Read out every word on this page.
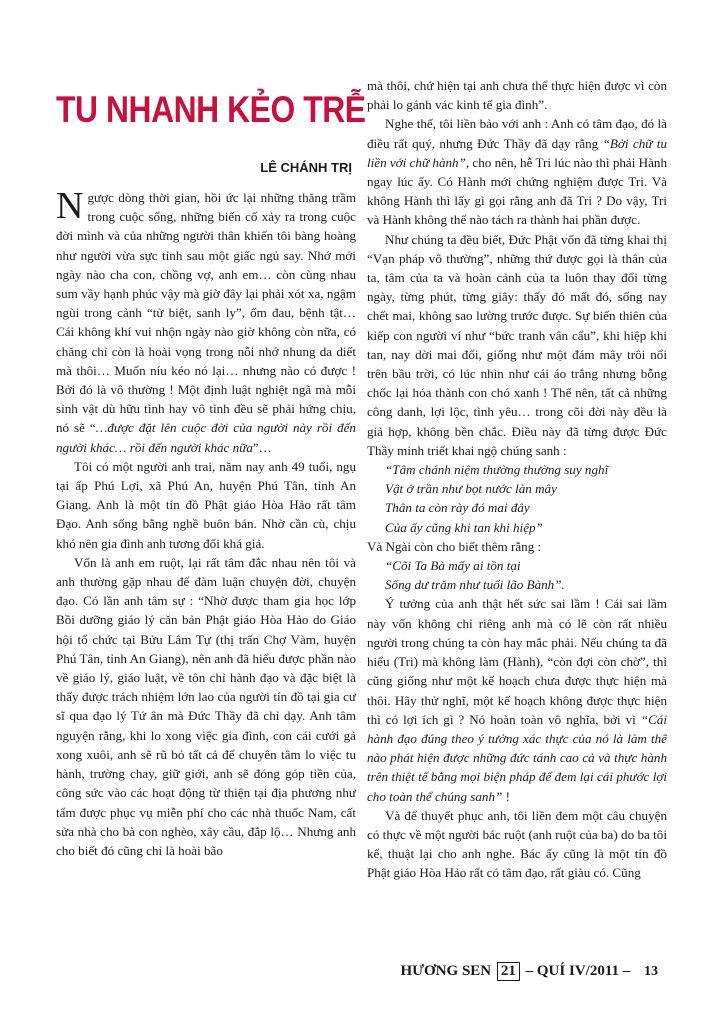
TU NHANH KẺO TRỄ
LÊ CHÁNH TRỊ

Ngược dòng thời gian, hồi ức lại những thăng trầm trong cuộc sống, những biến cố xảy ra trong cuộc đời mình và của những người thân khiến tôi bàng hoàng như người vừa sực tỉnh sau một giấc ngủ say. Nhớ mới ngày nào cha con, chồng vợ, anh em… còn cùng nhau sum vầy hạnh phúc vậy mà giờ đây lại phải xót xa, ngậm ngùi trong cảnh “tử biệt, sanh ly”, ốm đau, bệnh tật… Cái không khí vui nhộn ngày nào giờ không còn nữa, có chăng chỉ còn là hoài vọng trong nỗi nhớ nhung da diết mà thôi… Muốn níu kéo nó lại… nhưng nào có được ! Bởi đó là vô thường ! Một định luật nghiệt ngã mà mỗi sinh vật dù hữu tình hay vô tình đều sẽ phải hứng chịu, nó sẽ “…được đặt lên cuộc đời của người này rồi đến người khác… rồi đến người khác nữa”…

Tôi có một người anh trai, năm nay anh 49 tuổi, ngụ tại ấp Phú Lợi, xã Phú An, huyện Phú Tân, tỉnh An Giang. Anh là một tín đồ Phật giáo Hòa Hảo rất tâm Đạo. Anh sống bằng nghề buôn bán. Nhờ cần cù, chịu khó nên gia đình anh tương đối khá giả.

Vốn là anh em ruột, lại rất tâm đắc nhau nên tôi và anh thường gặp nhau để đàm luận chuyện đời, chuyện đạo. Có lần anh tâm sự : “Nhờ được tham gia học lớp Bồi dưỡng giáo lý căn bản Phật giáo Hòa Hảo do Giáo hội tổ chức tại Bửu Lâm Tự (thị trấn Chợ Vàm, huyện Phú Tân, tỉnh An Giang), nên anh đã hiểu được phần nào về giáo lý, giáo luật, về tôn chỉ hành đạo và đặc biệt là thấy được trách nhiệm lớn lao của người tín đồ tại gia cư sĩ qua đạo lý Tứ ân mà Đức Thầy đã chỉ dạy. Anh tâm nguyện rằng, khi lo xong việc gia đình, con cái cưới gả xong xuôi, anh sẽ rũ bỏ tất cả để chuyên tâm lo việc tu hành, trường chay, giữ giới, anh sẽ đóng góp tiền của, công sức vào các hoạt động từ thiện tại địa phương như tẩm được phục vụ miễn phí cho các nhà thuốc Nam, cất sửa nhà cho bà con nghèo, xây cầu, đắp lộ… Nhưng anh cho biết đó cũng chỉ là hoài bão

mà thôi, chứ hiện tại anh chưa thể thực hiện được vì còn phải lo gánh vác kinh tế gia đình”.

Nghe thế, tôi liền bảo với anh : Anh có tâm đạo, đó là điều rất quý, nhưng Đức Thầy đã dạy rằng “Bởi chữ tu liền với chữ hành”, cho nên, hễ Tri lúc nào thì phải Hành ngay lúc ấy. Có Hành mới chứng nghiệm được Tri. Và không Hành thì lấy gì gọi rằng anh đã Tri ? Do vậy, Tri và Hành không thể nào tách ra thành hai phần được.

Như chúng ta đều biết, Đức Phật vốn đã từng khai thị “Vạn pháp vô thường”, những thứ được gọi là thân của ta, tâm của ta và hoàn cảnh của ta luôn thay đổi từng ngày, từng phút, từng giây: thấy đó mất đó, sống nay chết mai, không sao lường trước được. Sự biến thiên của kiếp con người ví như “bức tranh vân cẩu”, khi hiệp khi tan, nay dời mai đổi, giống như một đám mây trôi nổi trên bầu trời, có lúc nhìn như cái áo trắng nhưng bỗng chốc lại hóa thành con chó xanh ! Thế nên, tất cả những công danh, lợi lộc, tình yêu… trong cõi đời này đều là giả hợp, không bền chắc. Điều này đã từng được Đức Thầy minh triết khai ngộ chúng sanh :

“Tâm chánh niệm thường thường suy nghĩ
Vật ở trần như bọt nước làn mây
Thân ta còn rày đó mai đây
Của ấy cũng khi tan khi hiệp”

Và Ngài còn cho biết thêm rằng :

“Cõi Ta Bà mấy ai tồn tại
Sống dư trăm như tuổi lão Bành”.

Ý tưởng của anh thật hết sức sai lầm ! Cái sai lầm này vốn không chỉ riêng anh mà có lẽ còn rất nhiều người trong chúng ta còn hay mắc phải. Nếu chúng ta đã hiểu (Tri) mà không làm (Hành), “còn đợi còn chờ”, thì cũng giống như một kế hoạch chưa được thực hiện mà thôi. Hãy thử nghĩ, một kế hoạch không được thực hiện thì có lợi ích gì ? Nó hoàn toàn vô nghĩa, bởi vì “Cái hành đạo đúng theo ý tưởng xác thực của nó là làm thế nào phát hiện được những đức tánh cao cả và thực hành trên thiệt tế bằng mọi biện pháp để đem lại cái phước lợi cho toàn thể chúng sanh” !

Và để thuyết phục anh, tôi liền đem một câu chuyện có thực về một người bác ruột (anh ruột của ba) do ba tôi kể, thuật lại cho anh nghe. Bác ấy cũng là một tín đồ Phật giáo Hòa Hảo rất có tâm đạo, rất giàu có. Cũng

HƯƠNG SEN 21 – QUÍ IV/2011 – 13
